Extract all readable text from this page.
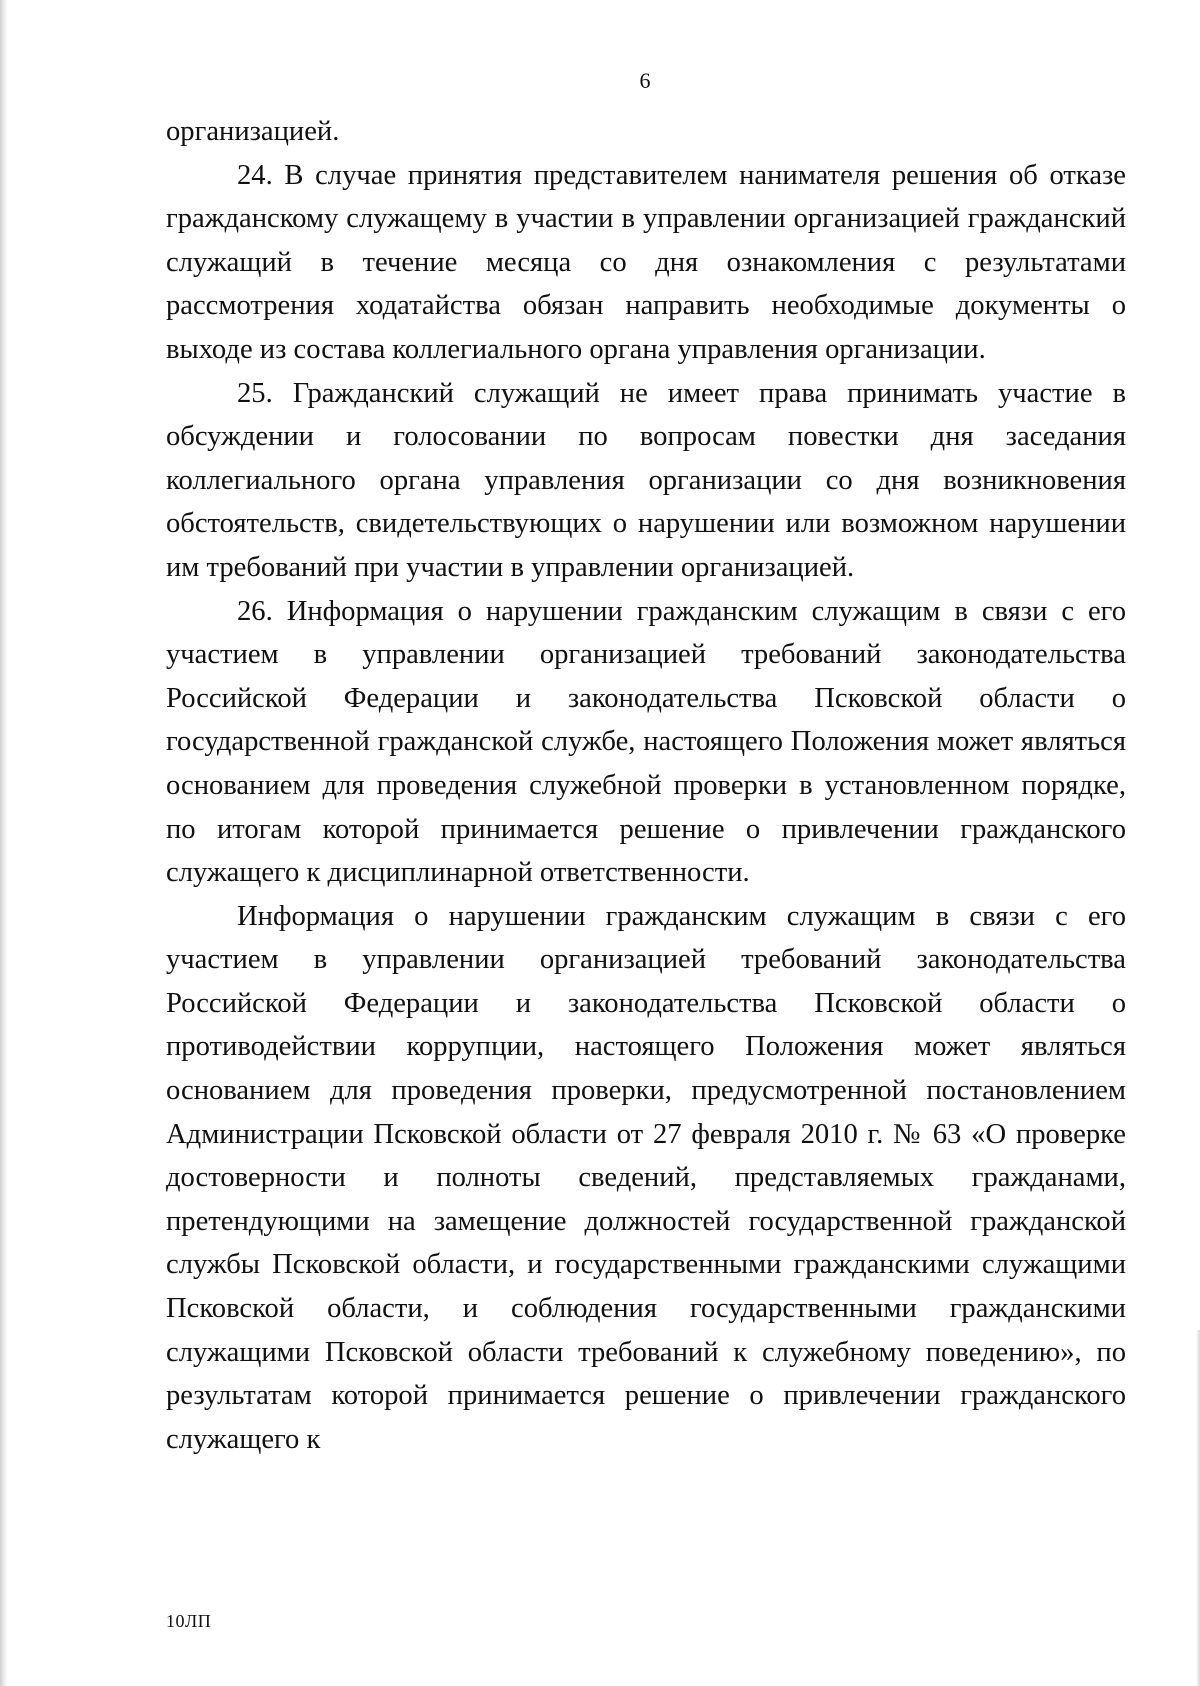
6

организацией.

24. В случае принятия представителем нанимателя решения об отказе гражданскому служащему в участии в управлении организацией гражданский служащий в течение месяца со дня ознакомления с результатами рассмотрения ходатайства обязан направить необходимые документы о выходе из состава коллегиального органа управления организации.

25. Гражданский служащий не имеет права принимать участие в обсуждении и голосовании по вопросам повестки дня заседания коллегиального органа управления организации со дня возникновения обстоятельств, свидетельствующих о нарушении или возможном нарушении им требований при участии в управлении организацией.

26. Информация о нарушении гражданским служащим в связи с его участием в управлении организацией требований законодательства Российской Федерации и законодательства Псковской области о государственной гражданской службе, настоящего Положения может являться основанием для проведения служебной проверки в установленном порядке, по итогам которой принимается решение о привлечении гражданского служащего к дисциплинарной ответственности.

Информация о нарушении гражданским служащим в связи с его участием в управлении организацией требований законодательства Российской Федерации и законодательства Псковской области о противодействии коррупции, настоящего Положения может являться основанием для проведения проверки, предусмотренной постановлением Администрации Псковской области от 27 февраля 2010 г. № 63 «О проверке достоверности и полноты сведений, представляемых гражданами, претендующими на замещение должностей государственной гражданской службы Псковской области, и государственными гражданскими служащими Псковской области, и соблюдения государственными гражданскими служащими Псковской области требований к служебному поведению», по результатам которой принимается решение о привлечении гражданского служащего к

10ЛП
